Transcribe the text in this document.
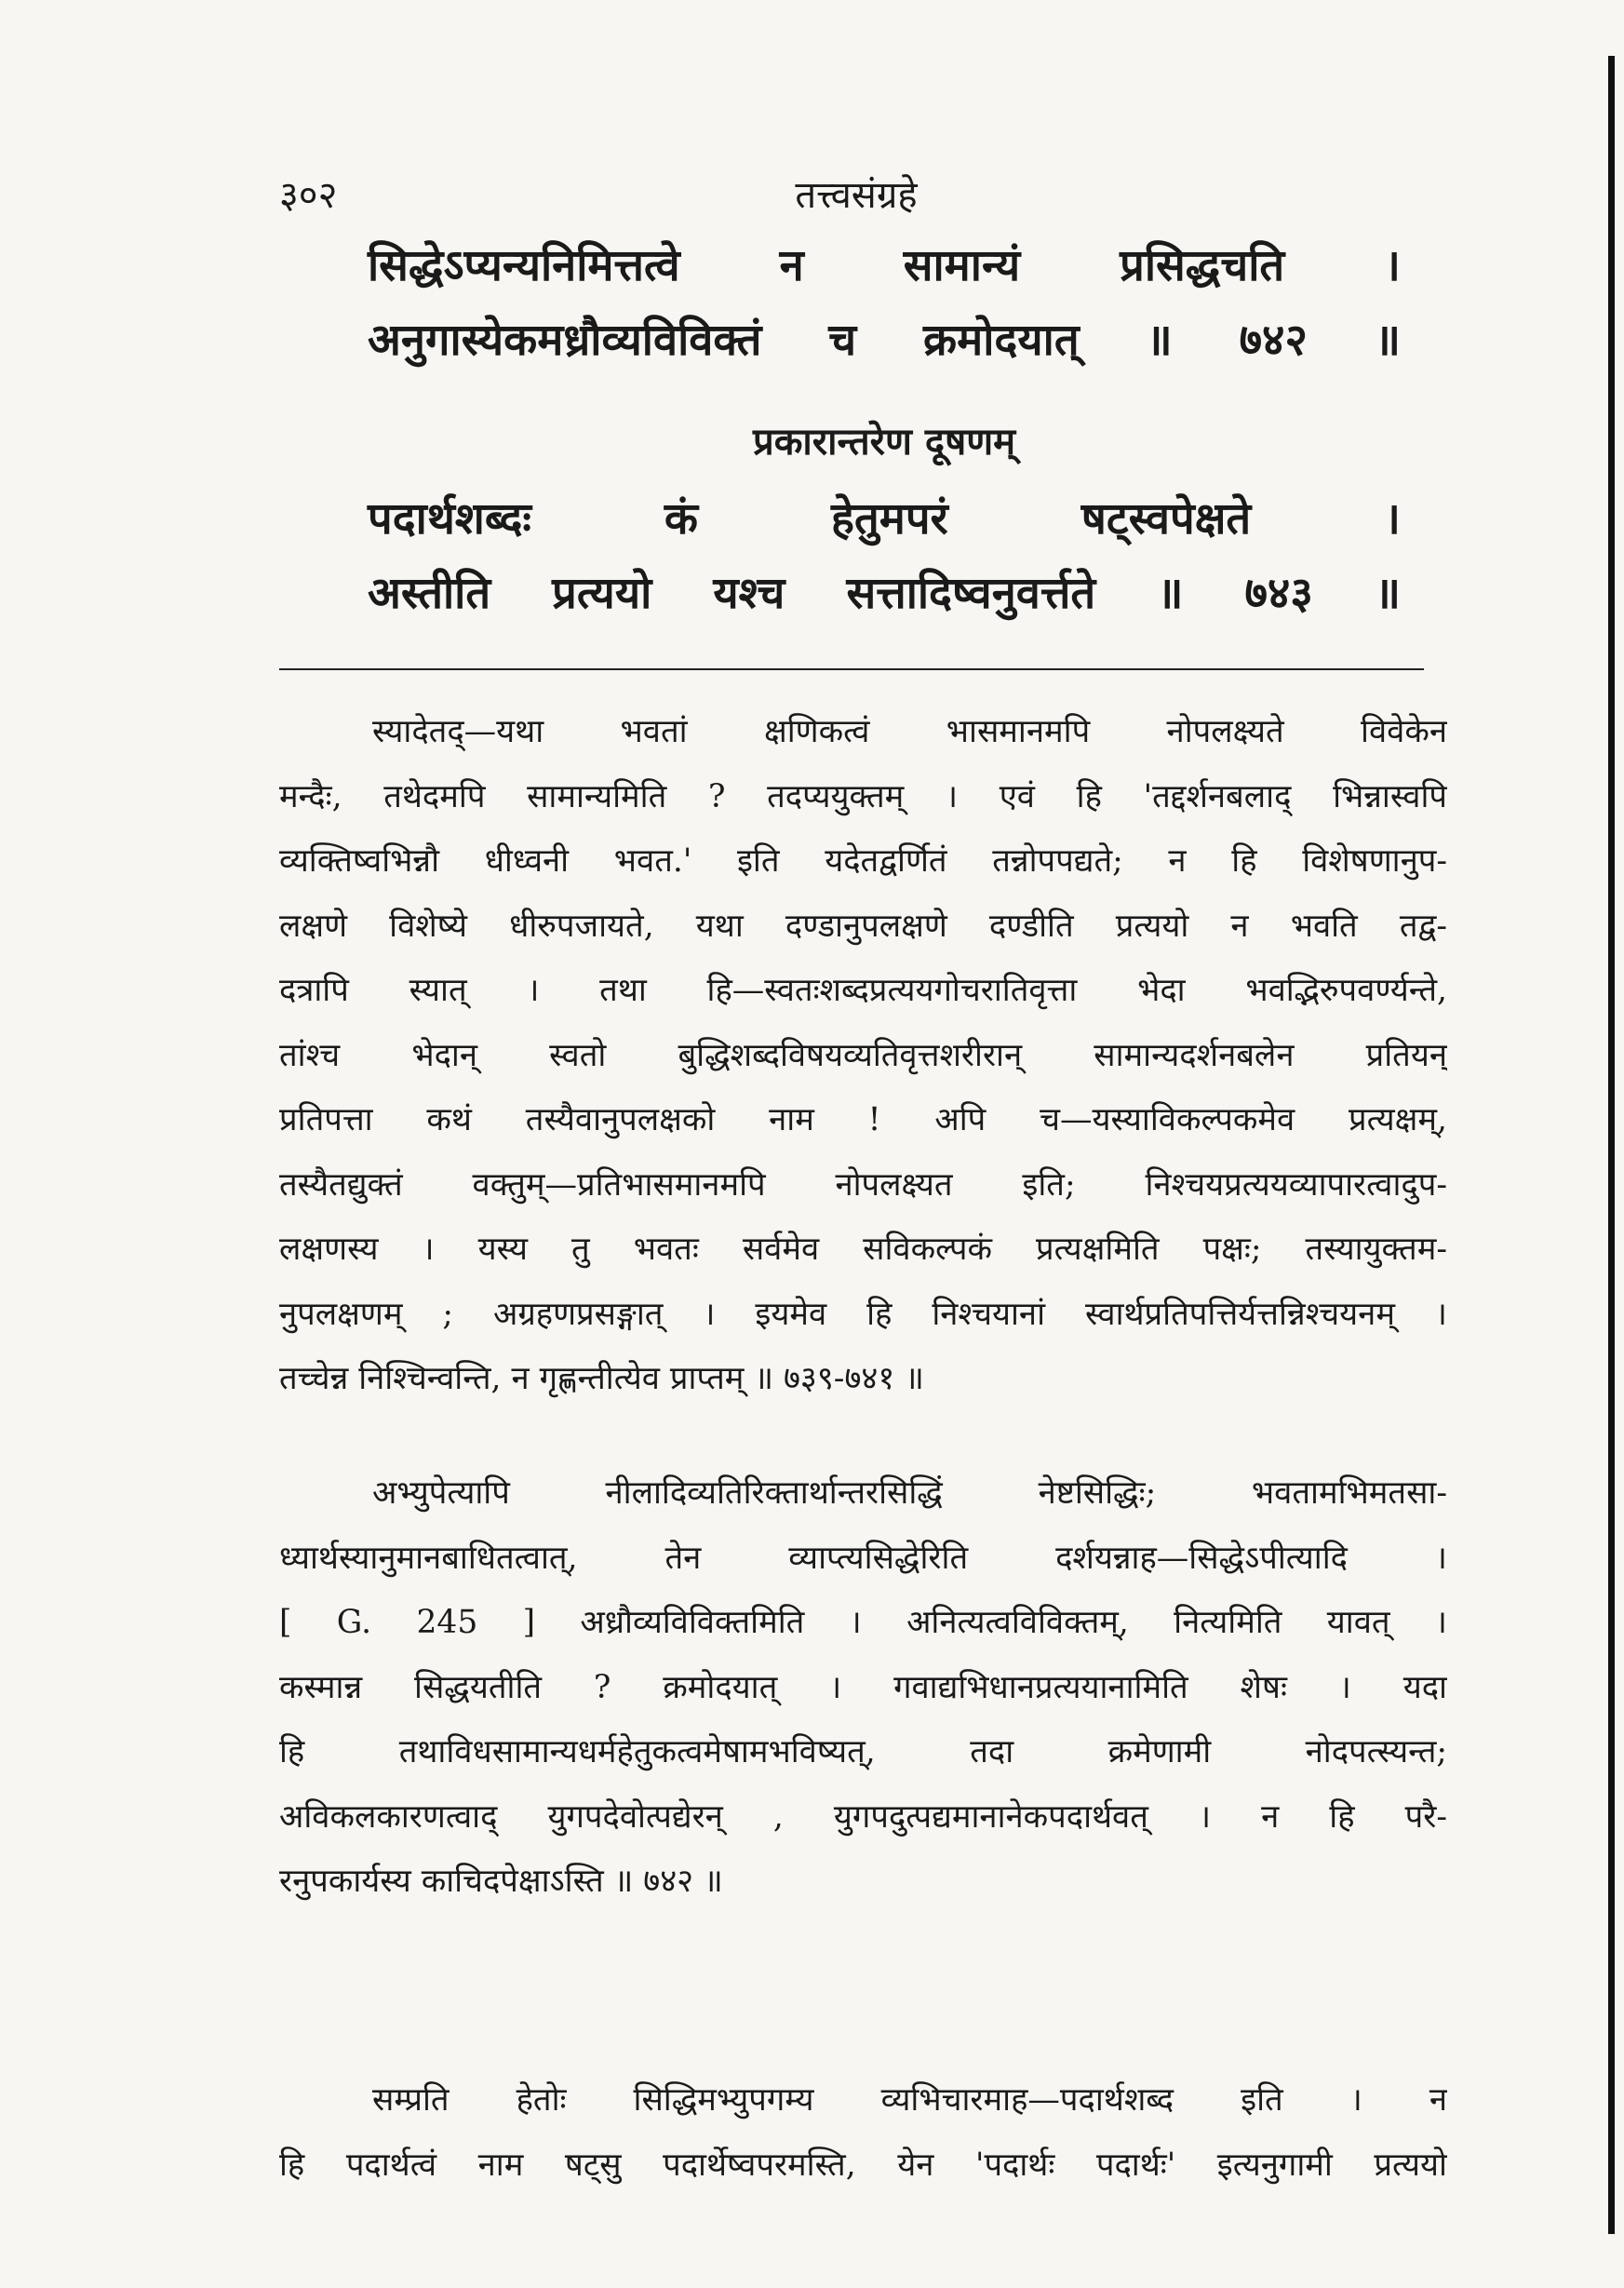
३०२	तत्त्वसंग्रहे
सिद्धेऽप्यन्यनिमित्तत्वे न सामान्यं प्रसिद्धचति ।
अनुगास्येकमध्रौव्यविविक्तं च क्रमोदयात् ॥ ७४२ ॥
प्रकारान्तरेण दूषणम्
पदार्थशब्दः कं हेतुमपरं षट्स्वपेक्षते ।
अस्तीति प्रत्ययो यश्च सत्तादिष्वनुवर्त्तते ॥ ७४३ ॥
स्यादेतद्—यथा भवतां क्षणिकत्वं भासमानमपि नोपलक्ष्यते विवेकेन
मन्दैः, तथेदमपि सामान्यमिति ? तदप्ययुक्तम् । एवं हि 'तद्दर्शनबलाद् भिन्नास्वपि
व्यक्तिष्वभिन्नौ धीध्वनी भवत.' इति यदेतद्वर्णितं तन्नोपपद्यते; न हि विशेषणानुप-
लक्षणे विशेष्ये धीरुपजायते, यथा दण्डानुपलक्षणे दण्डीति प्रत्ययो न भवति तद्व-
दत्रापि स्यात् । तथा हि—स्वतःशब्दप्रत्ययगोचरातिवृत्ता भेदा भवद्भिरुपवर्ण्यन्ते,
तांश्च भेदान् स्वतो बुद्धिशब्दविषयव्यतिवृत्तशरीरान् सामान्यदर्शनबलेन प्रतियन्
प्रतिपत्ता कथं तस्यैवानुपलक्षको नाम ! अपि च—यस्याविकल्पकमेव प्रत्यक्षम्,
तस्यैतद्युक्तं वक्तुम्—प्रतिभासमानमपि नोपलक्ष्यत इति; निश्चयप्रत्ययव्यापारत्वादुप-
लक्षणस्य । यस्य तु भवतः सर्वमेव सविकल्पकं प्रत्यक्षमिति पक्षः; तस्यायुक्तम-
नुपलक्षणम् ; अग्रहणप्रसङ्गात् । इयमेव हि निश्चयानां स्वार्थप्रतिपत्तिर्यत्तन्निश्चयनम् ।
तच्चेन्न निश्चिन्वन्ति, न गृह्णन्तीत्येव प्राप्तम् ॥ ७३९-७४१ ॥
अभ्युपेत्यापि नीलादिव्यतिरिक्तार्थान्तरसिद्धिं नेष्टसिद्धिः; भवतामभिमतसा-
ध्यार्थस्यानुमानबाधितत्वात्, तेन व्याप्त्यसिद्धेरिति दर्शयन्नाह—सिद्धेऽपीत्यादि ।
[ G. 245 ] अध्रौव्यविविक्तमिति । अनित्यत्वविविक्तम्, नित्यमिति यावत् ।
कस्मान्न सिद्धयतीति ? क्रमोदयात् । गवाद्यभिधानप्रत्ययानामिति शेषः । यदा
हि तथाविधसामान्यधर्महेतुकत्वमेषामभविष्यत्, तदा क्रमेणामी नोदपत्स्यन्त;
अविकलकारणत्वाद् युगपदेवोत्पद्येरन् , युगपदुत्पद्यमानानेकपदार्थवत् । न हि परै-
रनुपकार्यस्य काचिदपेक्षाऽस्ति ॥ ७४२ ॥
सम्प्रति हेतोः सिद्धिमभ्युपगम्य व्यभिचारमाह—पदार्थशब्द इति । न
हि पदार्थत्वं नाम षट्सु पदार्थेष्वपरमस्ति, येन 'पदार्थः पदार्थः' इत्यनुगामी प्रत्ययो
